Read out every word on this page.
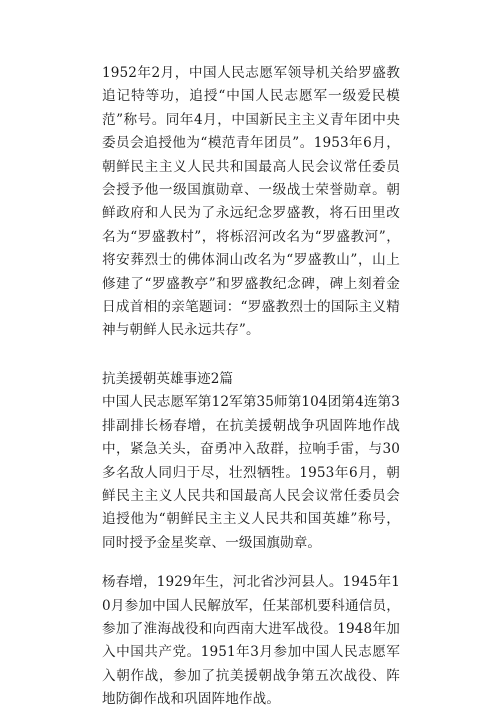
1952年2月，中国人民志愿军领导机关给罗盛教追记特等功，追授“中国人民志愿军一级爱民模范”称号。同年4月，中国新民主主义青年团中央委员会追授他为“模范青年团员”。1953年6月，朝鲜民主主义人民共和国最高人民会议常任委员会授予他一级国旗勋章、一级战士荣誉勋章。朝鲜政府和人民为了永远纪念罗盛教，将石田里改名为“罗盛教村”，将栎沼河改名为“罗盛教河”，将安葬烈士的佛体洞山改名为“罗盛教山”，山上修建了“罗盛教亭”和罗盛教纪念碑，碑上刻着金日成首相的亲笔题词：“罗盛教烈士的国际主义精神与朝鲜人民永远共存”。

抗美援朝英雄事迹2篇

中国人民志愿军第12军第35师第104团第4连第3排副排长杨春增，在抗美援朝战争巩固阵地作战中，紧急关头，奋勇冲入敌群，拉响手雷，与30多名敌人同归于尽，壮烈牺牲。1953年6月，朝鲜民主主义人民共和国最高人民会议常任委员会追授他为“朝鲜民主主义人民共和国英雄”称号，同时授予金星奖章、一级国旗勋章。

杨春增，1929年生，河北省沙河县人。1945年10月参加中国人民解放军，任某部机要科通信员，参加了淮海战役和向西南大进军战役。1948年加入中国共产党。1951年3月参加中国人民志愿军入朝作战，参加了抗美援朝战争第五次战役、阵地防御作战和巩固阵地作战。
